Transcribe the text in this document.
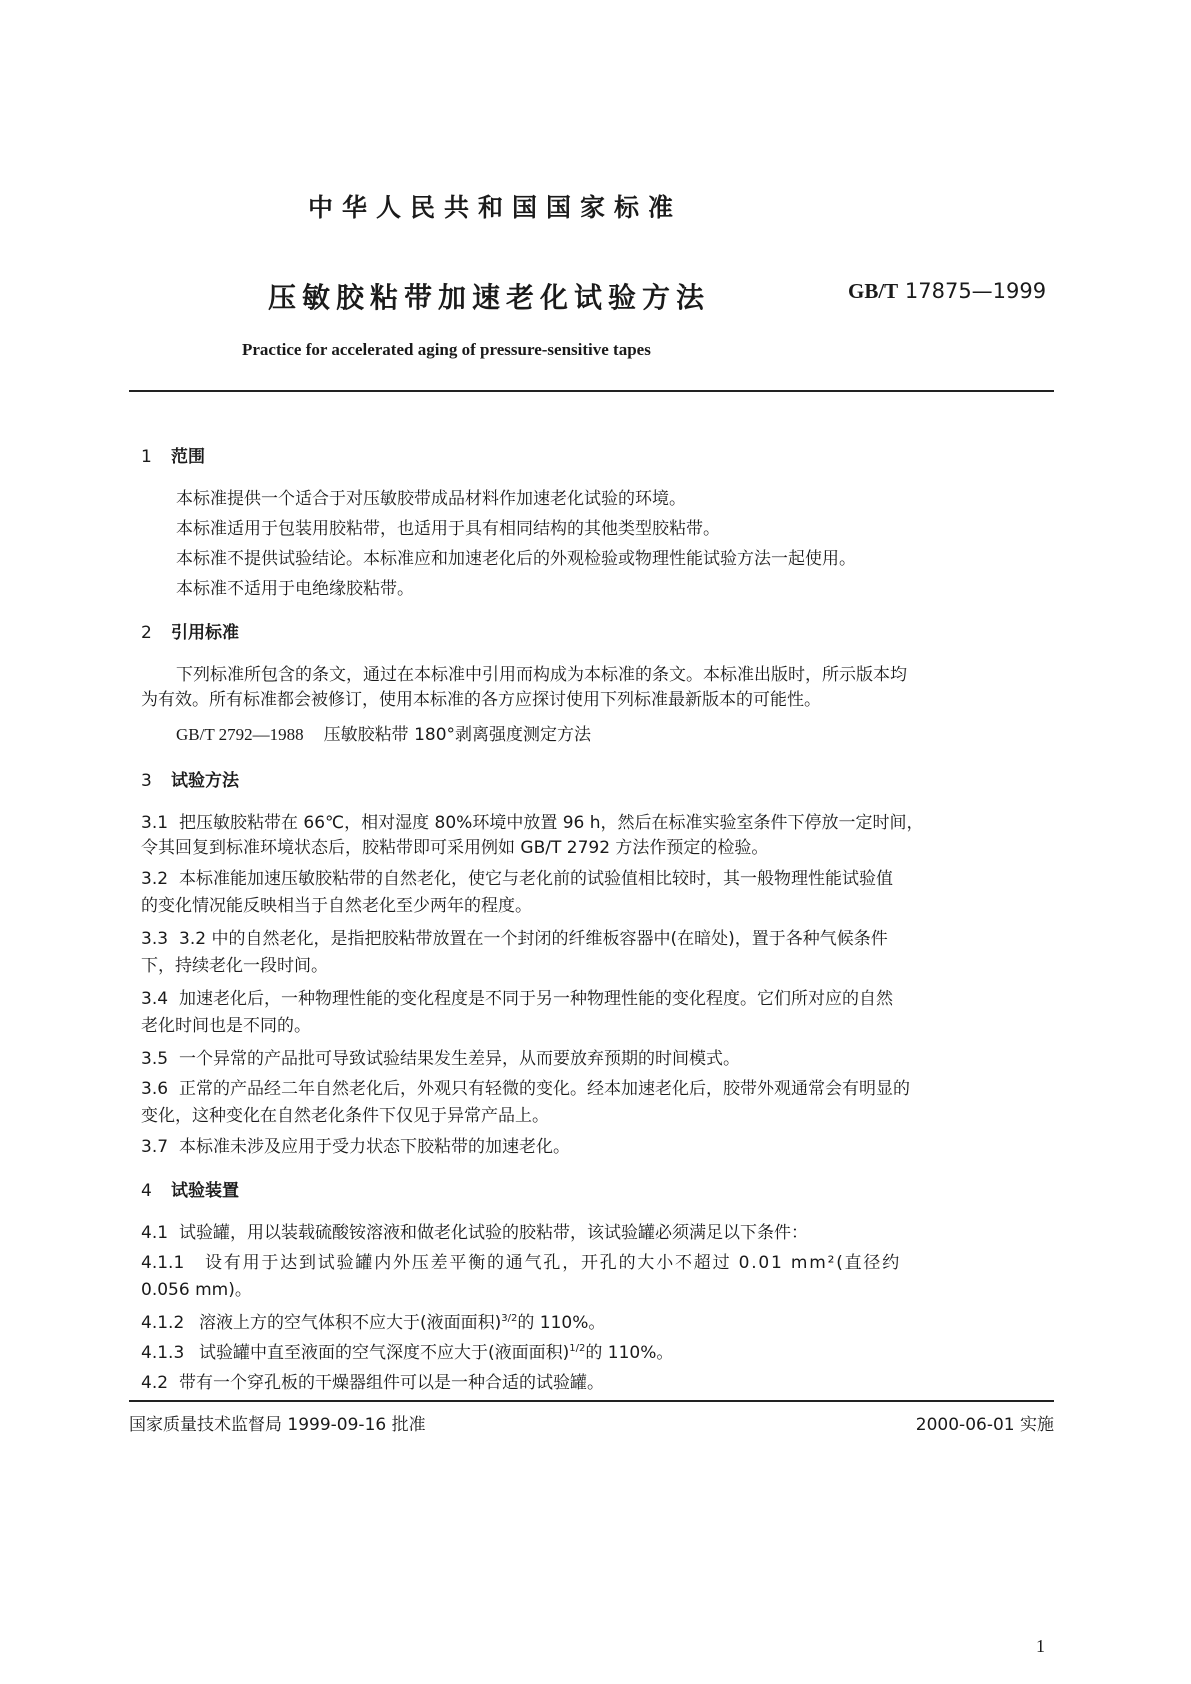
中华人民共和国国家标准
压敏胶粘带加速老化试验方法	GB/T 17875—1999
Practice for accelerated aging of pressure-sensitive tapes
1 范围
本标准提供一个适合于对压敏胶带成品材料作加速老化试验的环境。
本标准适用于包装用胶粘带，也适用于具有相同结构的其他类型胶粘带。
本标准不提供试验结论。本标准应和加速老化后的外观检验或物理性能试验方法一起使用。
本标准不适用于电绝缘胶粘带。
2 引用标准
下列标准所包含的条文，通过在本标准中引用而构成为本标准的条文。本标准出版时，所示版本均
为有效。所有标准都会被修订，使用本标准的各方应探讨使用下列标准最新版本的可能性。
GB/T 2792—1988 压敏胶粘带 180°剥离强度测定方法
3 试验方法
3.1 把压敏胶粘带在 66℃，相对湿度 80%环境中放置 96 h，然后在标准实验室条件下停放一定时间，
令其回复到标准环境状态后，胶粘带即可采用例如 GB/T 2792 方法作预定的检验。
3.2 本标准能加速压敏胶粘带的自然老化，使它与老化前的试验值相比较时，其一般物理性能试验值
的变化情况能反映相当于自然老化至少两年的程度。
3.3 3.2 中的自然老化，是指把胶粘带放置在一个封闭的纤维板容器中(在暗处)，置于各种气候条件
下，持续老化一段时间。
3.4 加速老化后，一种物理性能的变化程度是不同于另一种物理性能的变化程度。它们所对应的自然
老化时间也是不同的。
3.5 一个异常的产品批可导致试验结果发生差异，从而要放弃预期的时间模式。
3.6 正常的产品经二年自然老化后，外观只有轻微的变化。经本加速老化后，胶带外观通常会有明显的
变化，这种变化在自然老化条件下仅见于异常产品上。
3.7 本标准未涉及应用于受力状态下胶粘带的加速老化。
4 试验装置
4.1 试验罐，用以装载硫酸铵溶液和做老化试验的胶粘带，该试验罐必须满足以下条件：
4.1.1 设有用于达到试验罐内外压差平衡的通气孔，开孔的大小不超过 0.01 mm²(直径约
0.056 mm)。
4.1.2 溶液上方的空气体积不应大于(液面面积)$^{3/2}$的 110%。
4.1.3 试验罐中直至液面的空气深度不应大于(液面面积)$^{1/2}$的 110%。
4.2 带有一个穿孔板的干燥器组件可以是一种合适的试验罐。
国家质量技术监督局 1999-09-16 批准	2000-06-01 实施
1
